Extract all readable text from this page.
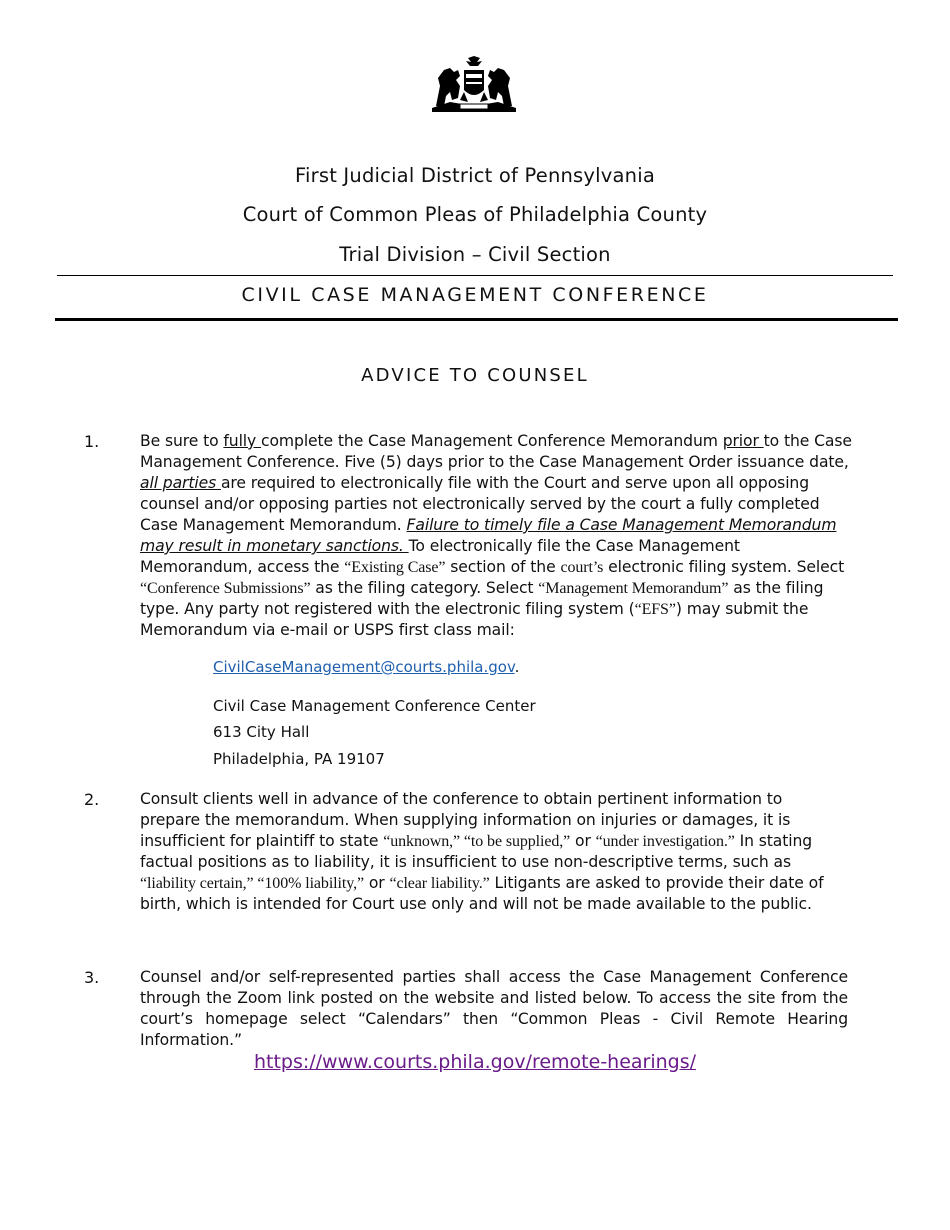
First Judicial District of Pennsylvania
Court of Common Pleas of Philadelphia County
Trial Division – Civil Section
CIVIL CASE MANAGEMENT CONFERENCE
ADVICE TO COUNSEL
1.	Be sure to fully complete the Case Management Conference Memorandum prior to the Case Management Conference. Five (5) days prior to the Case Management Order issuance date, all parties are required to electronically file with the Court and serve upon all opposing counsel and/or opposing parties not electronically served by the court a fully completed Case Management Memorandum. Failure to timely file a Case Management Memorandum may result in monetary sanctions. To electronically file the Case Management Memorandum, access the “Existing Case” section of the court’s electronic filing system. Select “Conference Submissions” as the filing category. Select “Management Memorandum” as the filing type. Any party not registered with the electronic filing system (“EFS”) may submit the Memorandum via e-mail or USPS first class mail:
CivilCaseManagement@courts.phila.gov.
Civil Case Management Conference Center
613 City Hall
Philadelphia, PA 19107
2.	Consult clients well in advance of the conference to obtain pertinent information to prepare the memorandum. When supplying information on injuries or damages, it is insufficient for plaintiff to state “unknown,” “to be supplied,” or “under investigation.” In stating factual positions as to liability, it is insufficient to use non-descriptive terms, such as “liability certain,” “100% liability,” or “clear liability.” Litigants are asked to provide their date of birth, which is intended for Court use only and will not be made available to the public.
3.	Counsel and/or self-represented parties shall access the Case Management Conference through the Zoom link posted on the website and listed below. To access the site from the court’s homepage select “Calendars” then “Common Pleas - Civil Remote Hearing Information.”
https://www.courts.phila.gov/remote-hearings/
